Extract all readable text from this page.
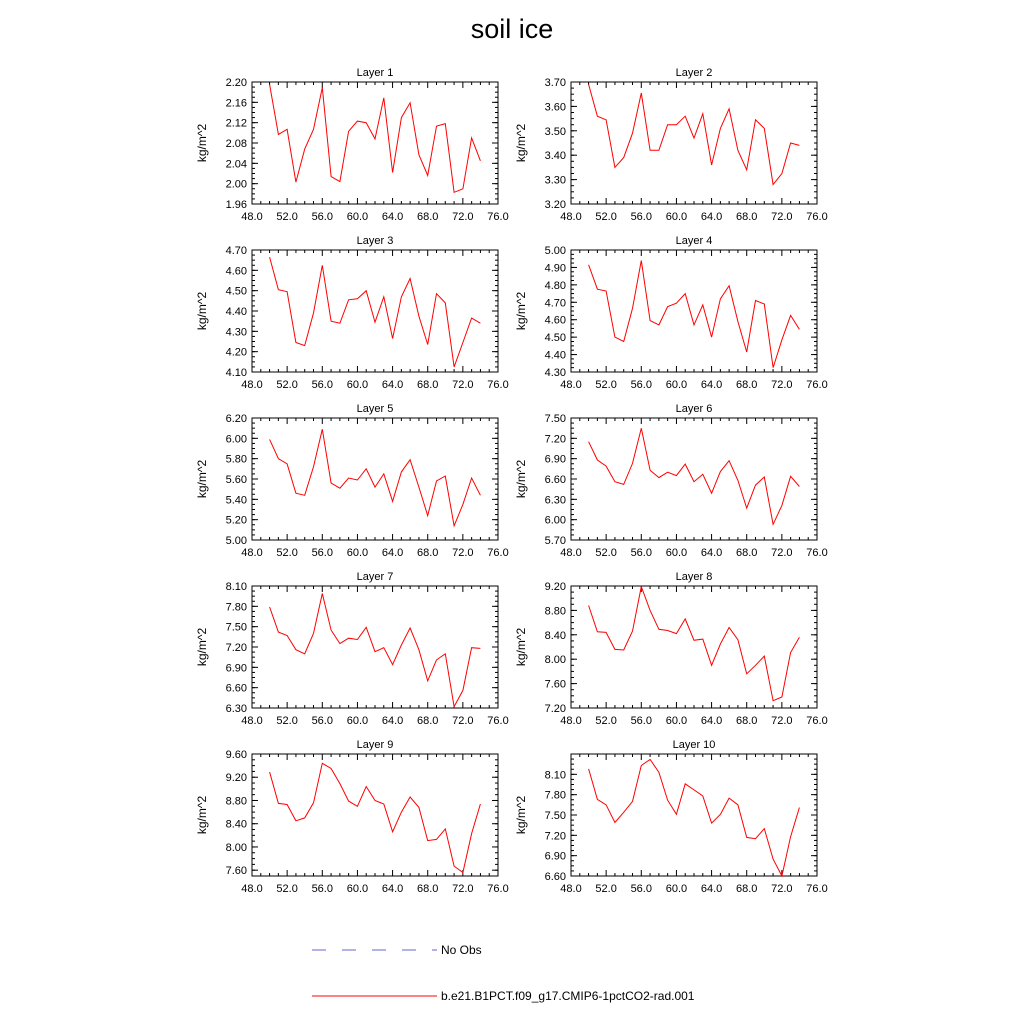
soil ice
Layer 1
kg/m^2
48.0 52.0 56.0 60.0 64.0 68.0 72.0 76.0
1.96
2.00
2.04
2.08
2.12
2.16
2.20
Layer 2
kg/m^2
48.0 52.0 56.0 60.0 64.0 68.0 72.0 76.0
3.20
3.30
3.40
3.50
3.60
3.70
Layer 3
kg/m^2
48.0 52.0 56.0 60.0 64.0 68.0 72.0 76.0
4.10
4.20
4.30
4.40
4.50
4.60
4.70
Layer 4
kg/m^2
48.0 52.0 56.0 60.0 64.0 68.0 72.0 76.0
4.30
4.40
4.50
4.60
4.70
4.80
4.90
5.00
Layer 5
kg/m^2
48.0 52.0 56.0 60.0 64.0 68.0 72.0 76.0
5.00
5.20
5.40
5.60
5.80
6.00
6.20
Layer 6
kg/m^2
48.0 52.0 56.0 60.0 64.0 68.0 72.0 76.0
5.70
6.00
6.30
6.60
6.90
7.20
7.50
Layer 7
kg/m^2
48.0 52.0 56.0 60.0 64.0 68.0 72.0 76.0
6.30
6.60
6.90
7.20
7.50
7.80
8.10
Layer 8
kg/m^2
48.0 52.0 56.0 60.0 64.0 68.0 72.0 76.0
7.20
7.60
8.00
8.40
8.80
9.20
Layer 9
kg/m^2
48.0 52.0 56.0 60.0 64.0 68.0 72.0 76.0
7.60
8.00
8.40
8.80
9.20
9.60
Layer 10
kg/m^2
48.0 52.0 56.0 60.0 64.0 68.0 72.0 76.0
6.60
6.90
7.20
7.50
7.80
8.10
No Obs
b.e21.B1PCT.f09_g17.CMIP6-1pctCO2-rad.001
